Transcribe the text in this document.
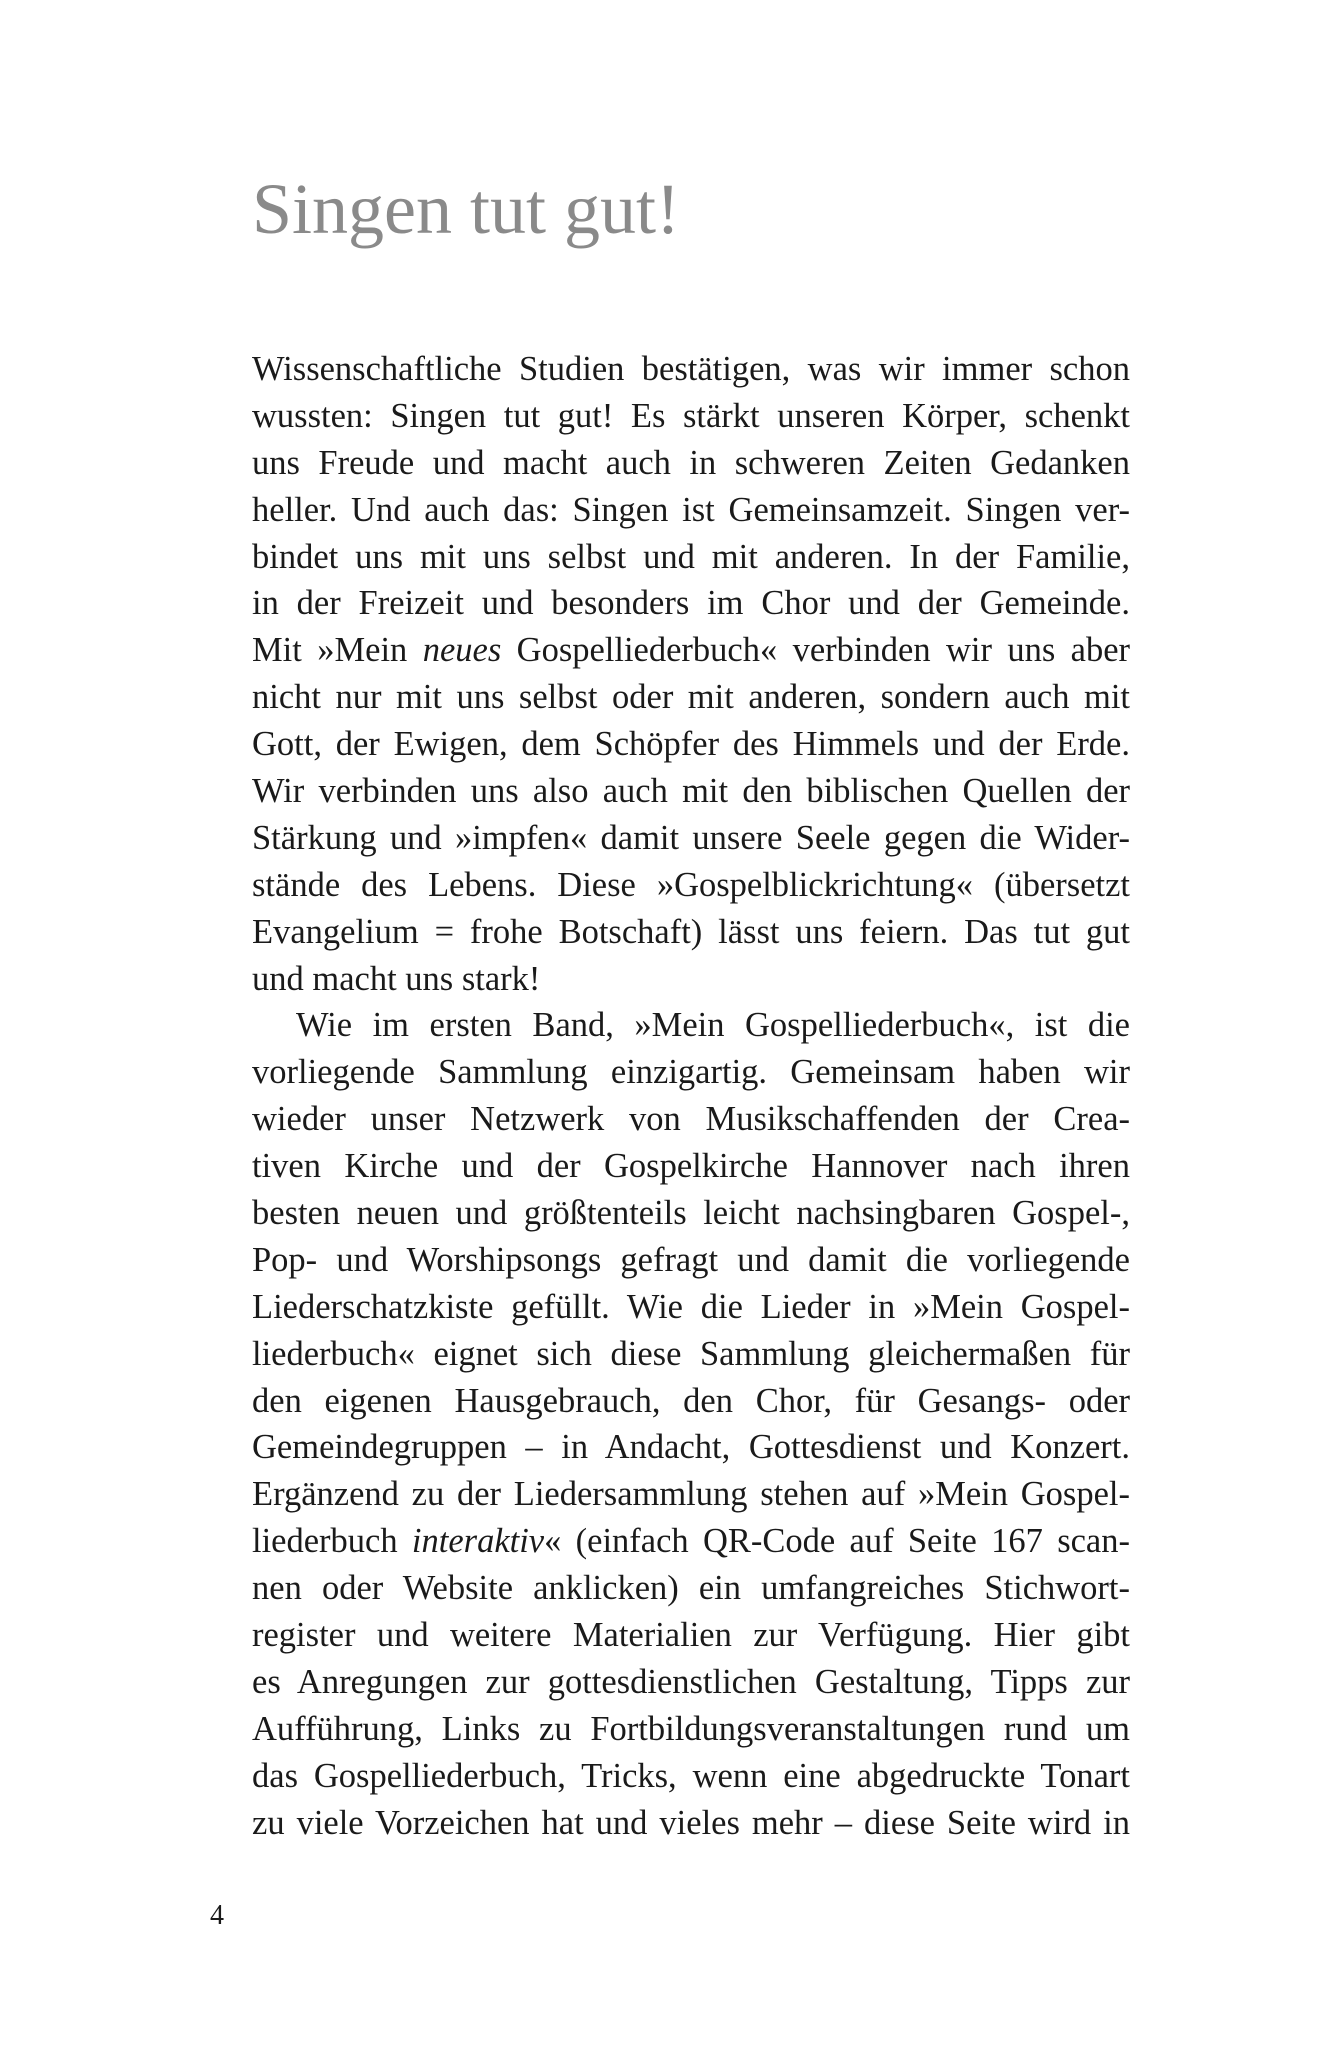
Singen tut gut!
Wissenschaftliche Studien bestätigen, was wir immer schon
wussten: Singen tut gut! Es stärkt unseren Körper, schenkt
uns Freude und macht auch in schweren Zeiten Gedanken
heller. Und auch das: Singen ist Gemeinsamzeit. Singen ver-
bindet uns mit uns selbst und mit anderen. In der Familie,
in der Freizeit und besonders im Chor und der Gemeinde.
Mit »Mein neues Gospelliederbuch« verbinden wir uns aber
nicht nur mit uns selbst oder mit anderen, sondern auch mit
Gott, der Ewigen, dem Schöpfer des Himmels und der Erde.
Wir verbinden uns also auch mit den biblischen Quellen der
Stärkung und »impfen« damit unsere Seele gegen die Wider-
stände des Lebens. Diese »Gospelblickrichtung« (übersetzt
Evangelium = frohe Botschaft) lässt uns feiern. Das tut gut
und macht uns stark!
Wie im ersten Band, »Mein Gospelliederbuch«, ist die
vorliegende Sammlung einzigartig. Gemeinsam haben wir
wieder unser Netzwerk von Musikschaffenden der Crea-
tiven Kirche und der Gospelkirche Hannover nach ihren
besten neuen und größtenteils leicht nachsingbaren Gospel-,
Pop- und Worshipsongs gefragt und damit die vorliegende
Liederschatzkiste gefüllt. Wie die Lieder in »Mein Gospel-
liederbuch« eignet sich diese Sammlung gleichermaßen für
den eigenen Hausgebrauch, den Chor, für Gesangs- oder
Gemeindegruppen – in Andacht, Gottesdienst und Konzert.
Ergänzend zu der Liedersammlung stehen auf »Mein Gospel-
liederbuch interaktiv« (einfach QR-Code auf Seite 167 scan-
nen oder Website anklicken) ein umfangreiches Stichwort-
register und weitere Materialien zur Verfügung. Hier gibt
es Anregungen zur gottesdienstlichen Gestaltung, Tipps zur
Aufführung, Links zu Fortbildungsveranstaltungen rund um
das Gospelliederbuch, Tricks, wenn eine abgedruckte Tonart
zu viele Vorzeichen hat und vieles mehr – diese Seite wird in
4
